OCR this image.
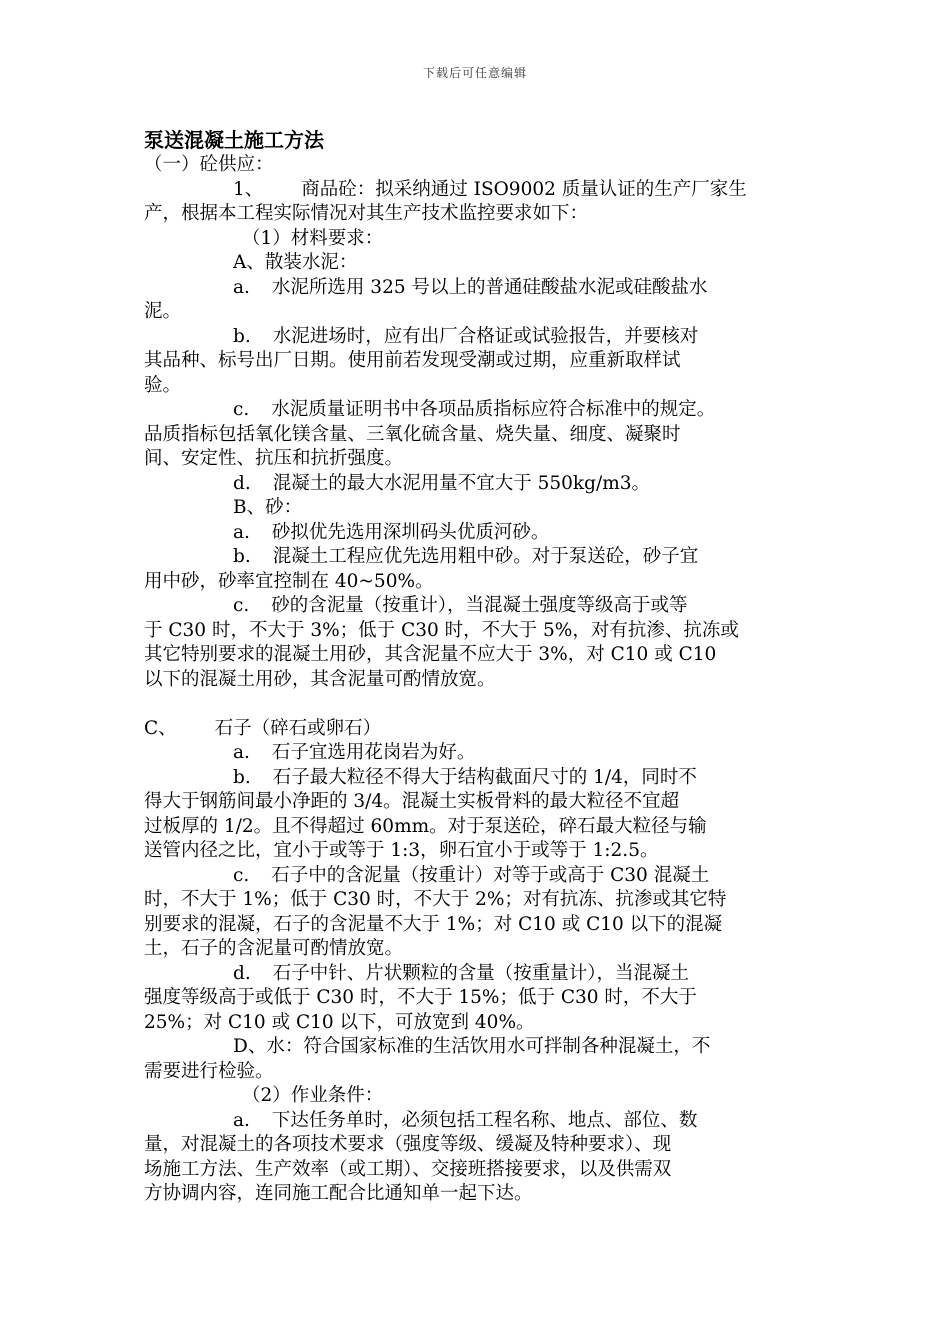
下载后可任意编辑
泵送混凝土施工方法
（一）砼供应：
1、 商品砼：拟采纳通过 ISO9002 质量认证的生产厂家生
产，根据本工程实际情况对其生产技术监控要求如下：
（1）材料要求：
A、散装水泥：
a. 水泥所选用 325 号以上的普通硅酸盐水泥或硅酸盐水
泥。
b. 水泥进场时，应有出厂合格证或试验报告，并要核对
其品种、标号出厂日期。使用前若发现受潮或过期，应重新取样试
验。
c. 水泥质量证明书中各项品质指标应符合标准中的规定。
品质指标包括氧化镁含量、三氧化硫含量、烧失量、细度、凝聚时
间、安定性、抗压和抗折强度。
d. 混凝土的最大水泥用量不宜大于 550kg/m3。
B、砂：
a. 砂拟优先选用深圳码头优质河砂。
b. 混凝土工程应优先选用粗中砂。对于泵送砼，砂子宜
用中砂，砂率宜控制在 40~50%。
c. 砂的含泥量（按重计），当混凝土强度等级高于或等
于 C30 时，不大于 3%；低于 C30 时，不大于 5%，对有抗渗、抗冻或
其它特别要求的混凝土用砂，其含泥量不应大于 3%，对 C10 或 C10
以下的混凝土用砂，其含泥量可酌情放宽。
C、 石子（碎石或卵石）
a. 石子宜选用花岗岩为好。
b. 石子最大粒径不得大于结构截面尺寸的 1/4，同时不
得大于钢筋间最小净距的 3/4。混凝土实板骨料的最大粒径不宜超
过板厚的 1/2。且不得超过 60mm。对于泵送砼，碎石最大粒径与输
送管内径之比，宜小于或等于 1:3，卵石宜小于或等于 1:2.5。
c. 石子中的含泥量（按重计）对等于或高于 C30 混凝土
时，不大于 1%；低于 C30 时，不大于 2%；对有抗冻、抗渗或其它特
别要求的混凝，石子的含泥量不大于 1%；对 C10 或 C10 以下的混凝
土，石子的含泥量可酌情放宽。
d. 石子中针、片状颗粒的含量（按重量计），当混凝土
强度等级高于或低于 C30 时，不大于 15%；低于 C30 时，不大于
25%；对 C10 或 C10 以下，可放宽到 40%。
D、水：符合国家标准的生活饮用水可拌制各种混凝土，不
需要进行检验。
（2）作业条件：
a. 下达任务单时，必须包括工程名称、地点、部位、数
量，对混凝土的各项技术要求（强度等级、缓凝及特种要求）、现
场施工方法、生产效率（或工期）、交接班搭接要求，以及供需双
方协调内容，连同施工配合比通知单一起下达。
